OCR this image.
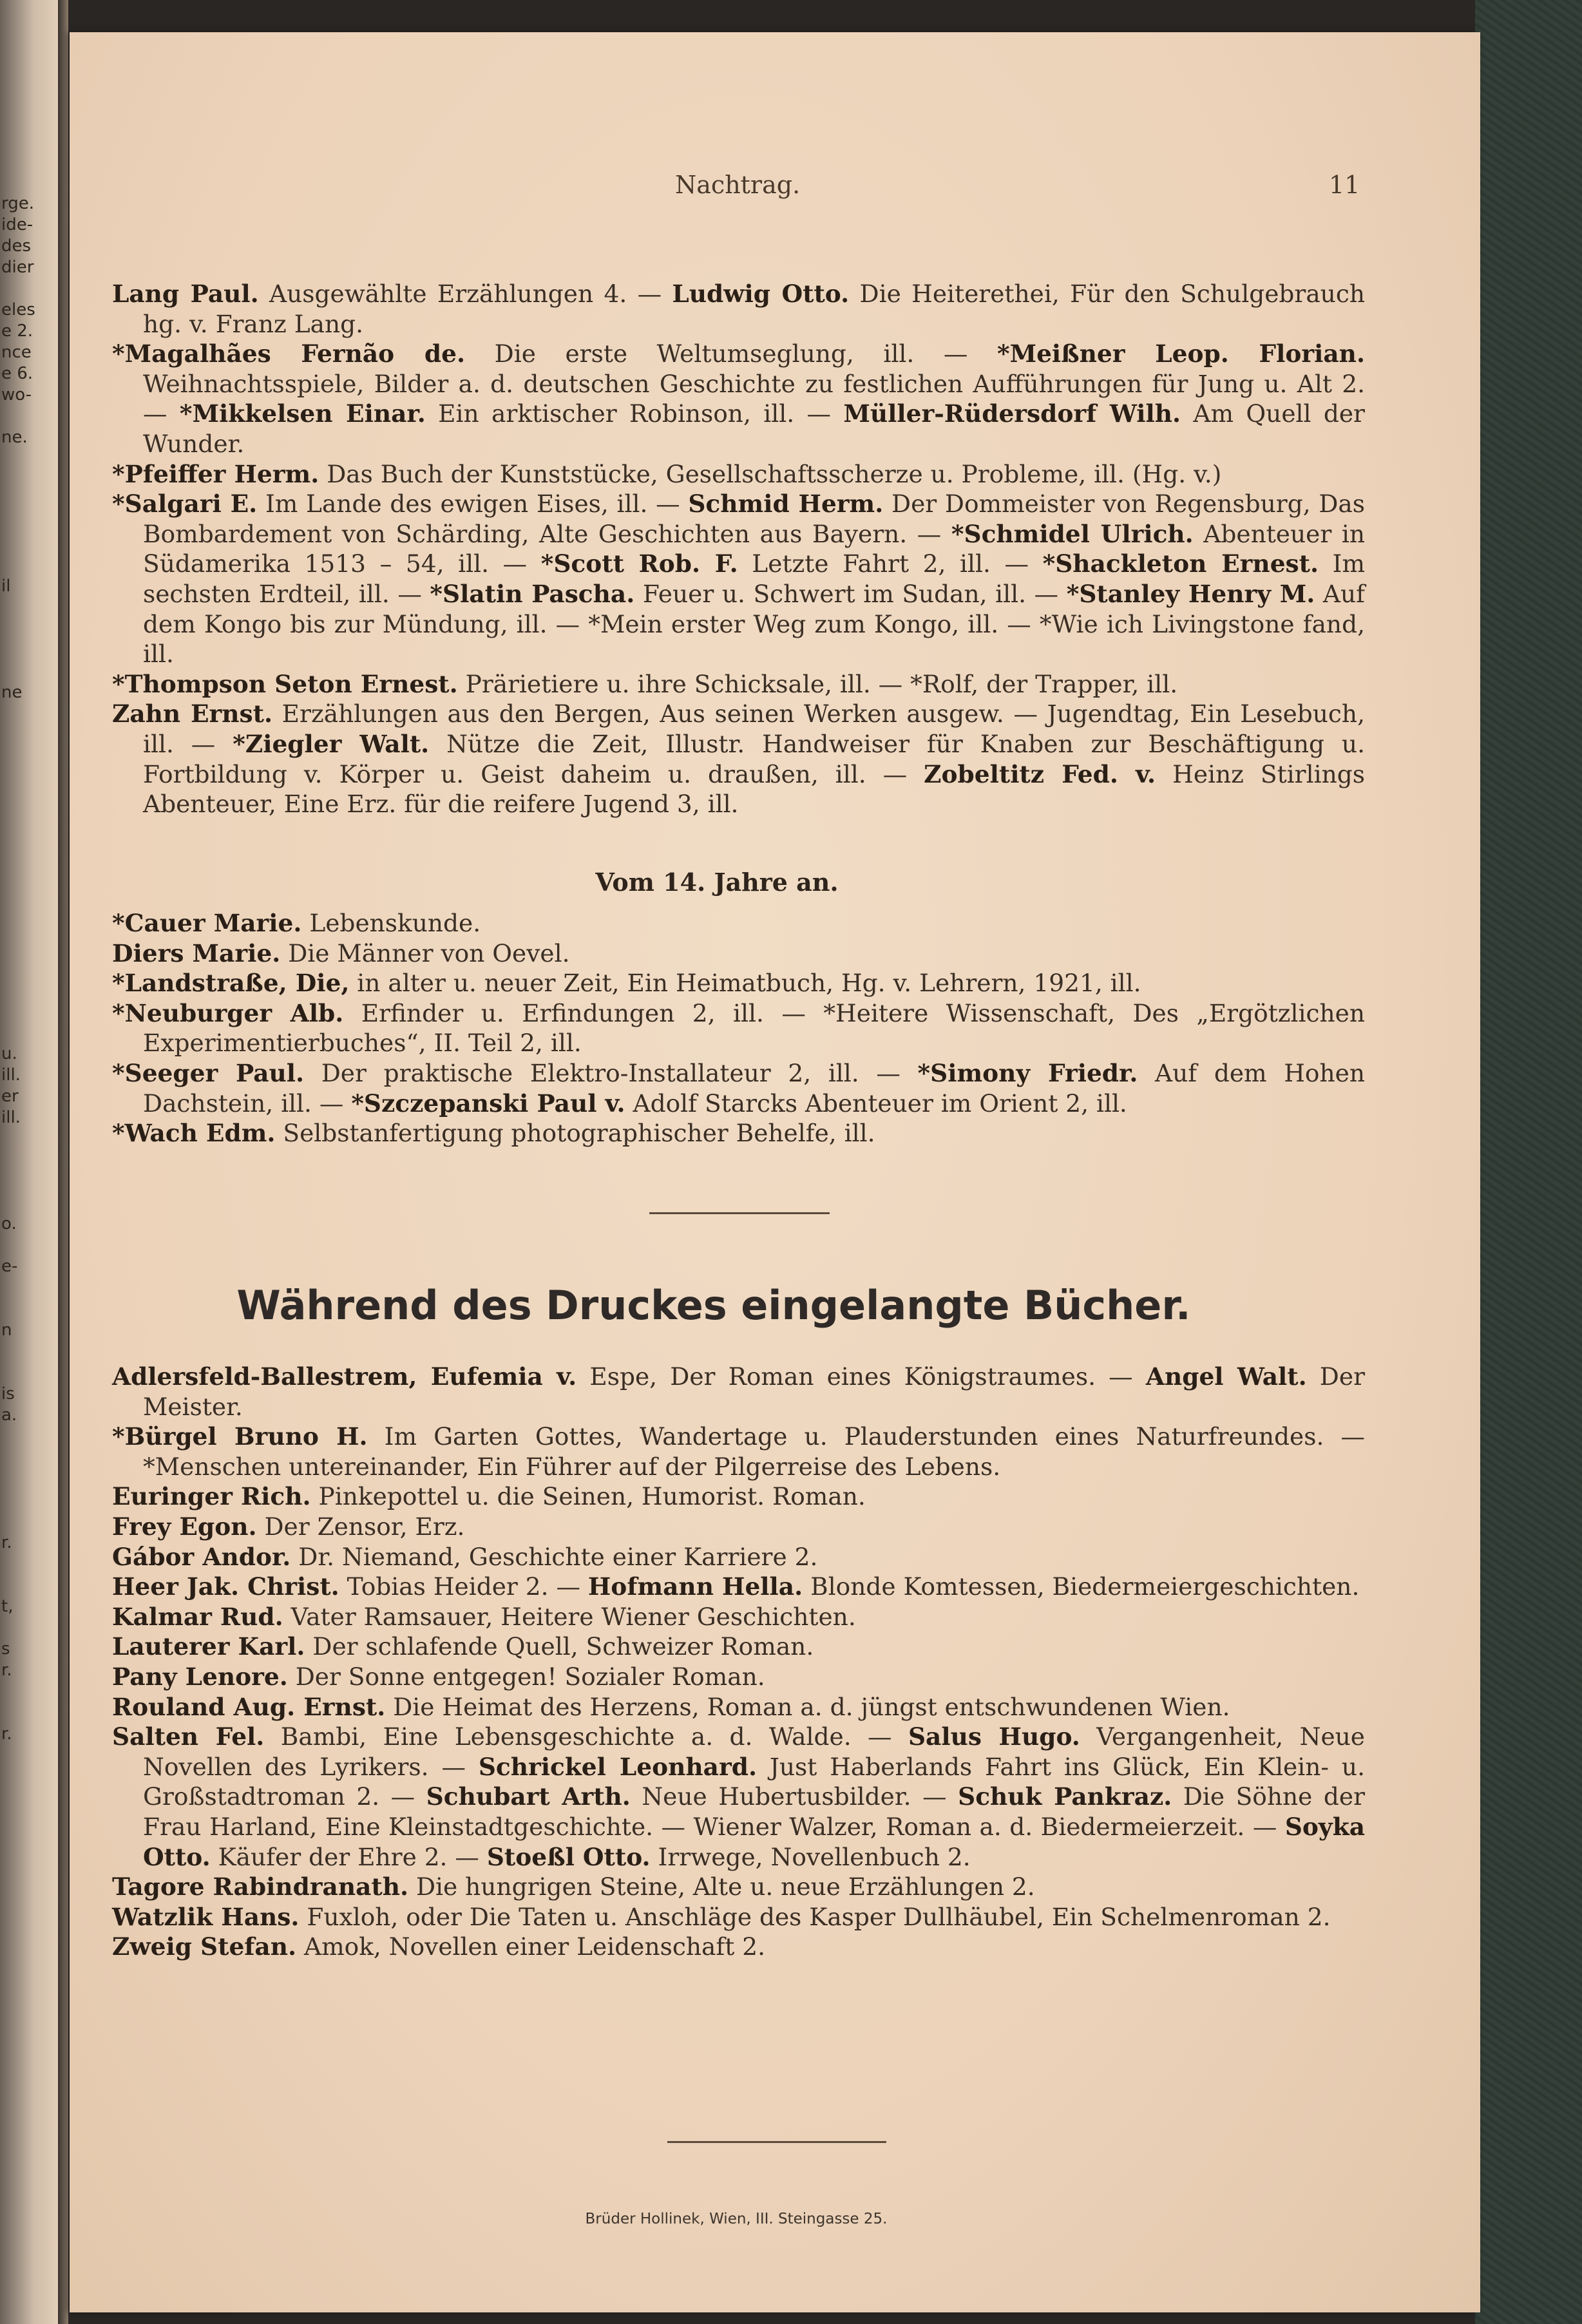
rge.
ide-
des
dier

eles
e 2.
nce
e 6.
wo-

ne.

il

ne

u.
ill.
er
ill.

o.

e-

n

is
a.

r.

t,

s
r.

r.
Nachtrag.	11

Lang Paul. Ausgewählte Erzählungen 4. — Ludwig Otto. Die Heiterethei, Für den Schulgebrauch hg. v. Franz Lang.

*Magalhães Fernão de. Die erste Weltumseglung, ill. — *Meißner Leop. Florian. Weihnachtsspiele, Bilder a. d. deutschen Geschichte zu festlichen Aufführungen für Jung u. Alt 2. — *Mikkelsen Einar. Ein arktischer Robinson, ill. — Müller-Rüdersdorf Wilh. Am Quell der Wunder.

*Pfeiffer Herm. Das Buch der Kunststücke, Gesellschaftsscherze u. Probleme, ill. (Hg. v.)

*Salgari E. Im Lande des ewigen Eises, ill. — Schmid Herm. Der Dommeister von Regensburg, Das Bombardement von Schärding, Alte Geschichten aus Bayern. — *Schmidel Ulrich. Abenteuer in Südamerika 1513 – 54, ill. — *Scott Rob. F. Letzte Fahrt 2, ill. — *Shackleton Ernest. Im sechsten Erdteil, ill. — *Slatin Pascha. Feuer u. Schwert im Sudan, ill. — *Stanley Henry M. Auf dem Kongo bis zur Mündung, ill. — *Mein erster Weg zum Kongo, ill. — *Wie ich Livingstone fand, ill.

*Thompson Seton Ernest. Prärietiere u. ihre Schicksale, ill. — *Rolf, der Trapper, ill.

Zahn Ernst. Erzählungen aus den Bergen, Aus seinen Werken ausgew. — Jugendtag, Ein Lesebuch, ill. — *Ziegler Walt. Nütze die Zeit, Illustr. Handweiser für Knaben zur Beschäftigung u. Fortbildung v. Körper u. Geist daheim u. draußen, ill. — Zobeltitz Fed. v. Heinz Stirlings Abenteuer, Eine Erz. für die reifere Jugend 3, ill.

Vom 14. Jahre an.

*Cauer Marie. Lebenskunde.

Diers Marie. Die Männer von Oevel.

*Landstraße, Die, in alter u. neuer Zeit, Ein Heimatbuch, Hg. v. Lehrern, 1921, ill.

*Neuburger Alb. Erfinder u. Erfindungen 2, ill. — *Heitere Wissenschaft, Des „Ergötzlichen Experimentierbuches“, II. Teil 2, ill.

*Seeger Paul. Der praktische Elektro-Installateur 2, ill. — *Simony Friedr. Auf dem Hohen Dachstein, ill. — *Szczepanski Paul v. Adolf Starcks Abenteuer im Orient 2, ill.

*Wach Edm. Selbstanfertigung photographischer Behelfe, ill.

Während des Druckes eingelangte Bücher.

Adlersfeld-Ballestrem, Eufemia v. Espe, Der Roman eines Königstraumes. — Angel Walt. Der Meister.

*Bürgel Bruno H. Im Garten Gottes, Wandertage u. Plauderstunden eines Naturfreundes. — *Menschen untereinander, Ein Führer auf der Pilgerreise des Lebens.

Euringer Rich. Pinkepottel u. die Seinen, Humorist. Roman.

Frey Egon. Der Zensor, Erz.

Gábor Andor. Dr. Niemand, Geschichte einer Karriere 2.

Heer Jak. Christ. Tobias Heider 2. — Hofmann Hella. Blonde Komtessen, Biedermeiergeschichten.

Kalmar Rud. Vater Ramsauer, Heitere Wiener Geschichten.

Lauterer Karl. Der schlafende Quell, Schweizer Roman.

Pany Lenore. Der Sonne entgegen! Sozialer Roman.

Rouland Aug. Ernst. Die Heimat des Herzens, Roman a. d. jüngst entschwundenen Wien.

Salten Fel. Bambi, Eine Lebensgeschichte a. d. Walde. — Salus Hugo. Vergangenheit, Neue Novellen des Lyrikers. — Schrickel Leonhard. Just Haberlands Fahrt ins Glück, Ein Klein- u. Großstadtroman 2. — Schubart Arth. Neue Hubertusbilder. — Schuk Pankraz. Die Söhne der Frau Harland, Eine Kleinstadtgeschichte. — Wiener Walzer, Roman a. d. Biedermeierzeit. — Soyka Otto. Käufer der Ehre 2. — Stoeßl Otto. Irrwege, Novellenbuch 2.

Tagore Rabindranath. Die hungrigen Steine, Alte u. neue Erzählungen 2.

Watzlik Hans. Fuxloh, oder Die Taten u. Anschläge des Kasper Dullhäubel, Ein Schelmenroman 2.

Zweig Stefan. Amok, Novellen einer Leidenschaft 2.

Brüder Hollinek, Wien, III. Steingasse 25.
